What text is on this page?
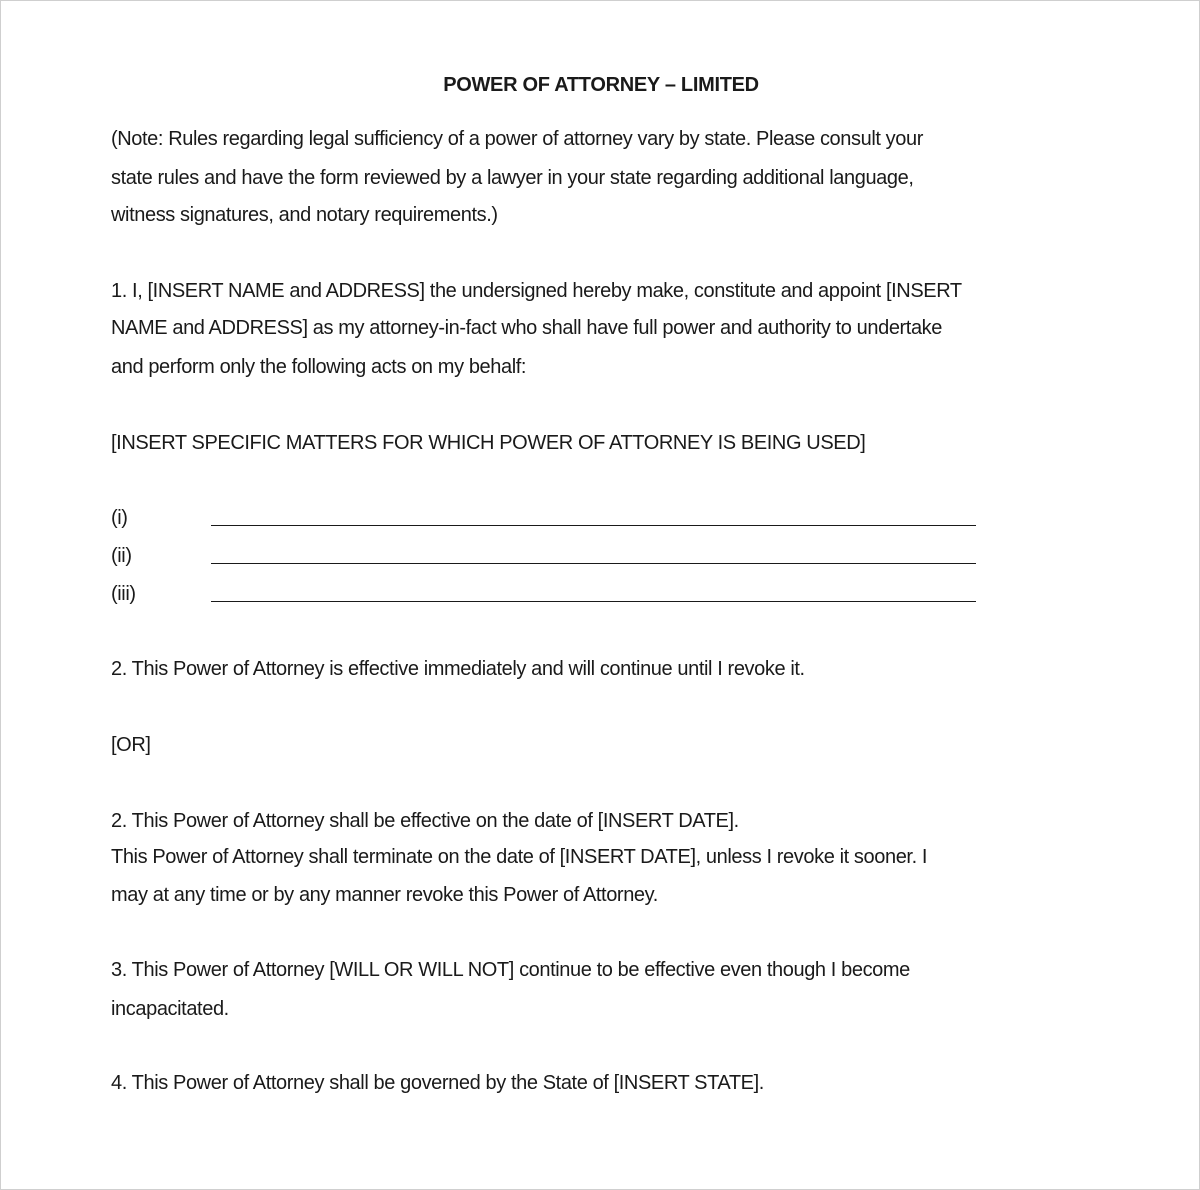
POWER OF ATTORNEY – LIMITED

(Note: Rules regarding legal sufficiency of a power of attorney vary by state. Please consult your

state rules and have the form reviewed by a lawyer in your state regarding additional language,

witness signatures, and notary requirements.)

1. I, [INSERT NAME and ADDRESS] the undersigned hereby make, constitute and appoint [INSERT

NAME and ADDRESS] as my attorney-in-fact who shall have full power and authority to undertake

and perform only the following acts on my behalf:

[INSERT SPECIFIC MATTERS FOR WHICH POWER OF ATTORNEY IS BEING USED]

(i)
(ii)
(iii)

2. This Power of Attorney is effective immediately and will continue until I revoke it.

[OR]

2. This Power of Attorney shall be effective on the date of [INSERT DATE].

This Power of Attorney shall terminate on the date of [INSERT DATE], unless I revoke it sooner. I

may at any time or by any manner revoke this Power of Attorney.

3. This Power of Attorney [WILL OR WILL NOT] continue to be effective even though I become

incapacitated.

4. This Power of Attorney shall be governed by the State of [INSERT STATE].
